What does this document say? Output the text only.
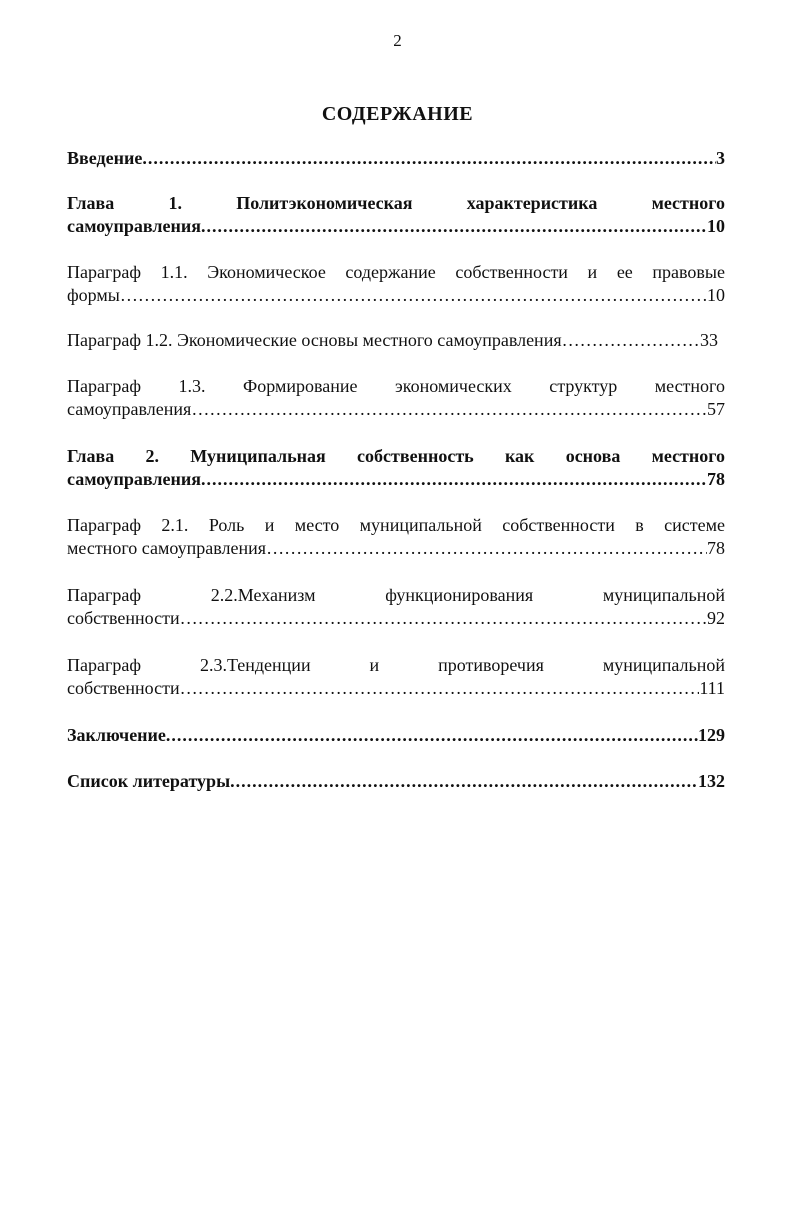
2
СОДЕРЖАНИЕ
Введение .....	3
Глава 1. Политэкономическая характеристика местного
самоуправления .....	10
Параграф 1.1. Экономическое содержание собственности и ее правовые
формы ………………………………………………………………………………………………………………………………………………………………………………………………………………	10
Параграф 1.2. Экономические основы местного самоуправления ………………………………………………………………………………………………………………………………………………………………………………………………………………	33
Параграф 1.3. Формирование экономических структур местного
самоуправления ………………………………………………………………………………………………………………………………………………………………………………………………………………	57
Глава 2. Муниципальная собственность как основа местного
самоуправления .....	78
Параграф 2.1. Роль и место муниципальной собственности в системе
местного самоуправления ………………………………………………………………………………………………………………………………………………………………………………………………………………	78
Параграф 2.2.Механизм функционирования муниципальной
собственности ………………………………………………………………………………………………………………………………………………………………………………………………………………	92
Параграф 2.3.Тенденции и противоречия муниципальной
собственности ………………………………………………………………………………………………………………………………………………………………………………………………………………	111
Заключение .....	129
Список литературы .....	132
